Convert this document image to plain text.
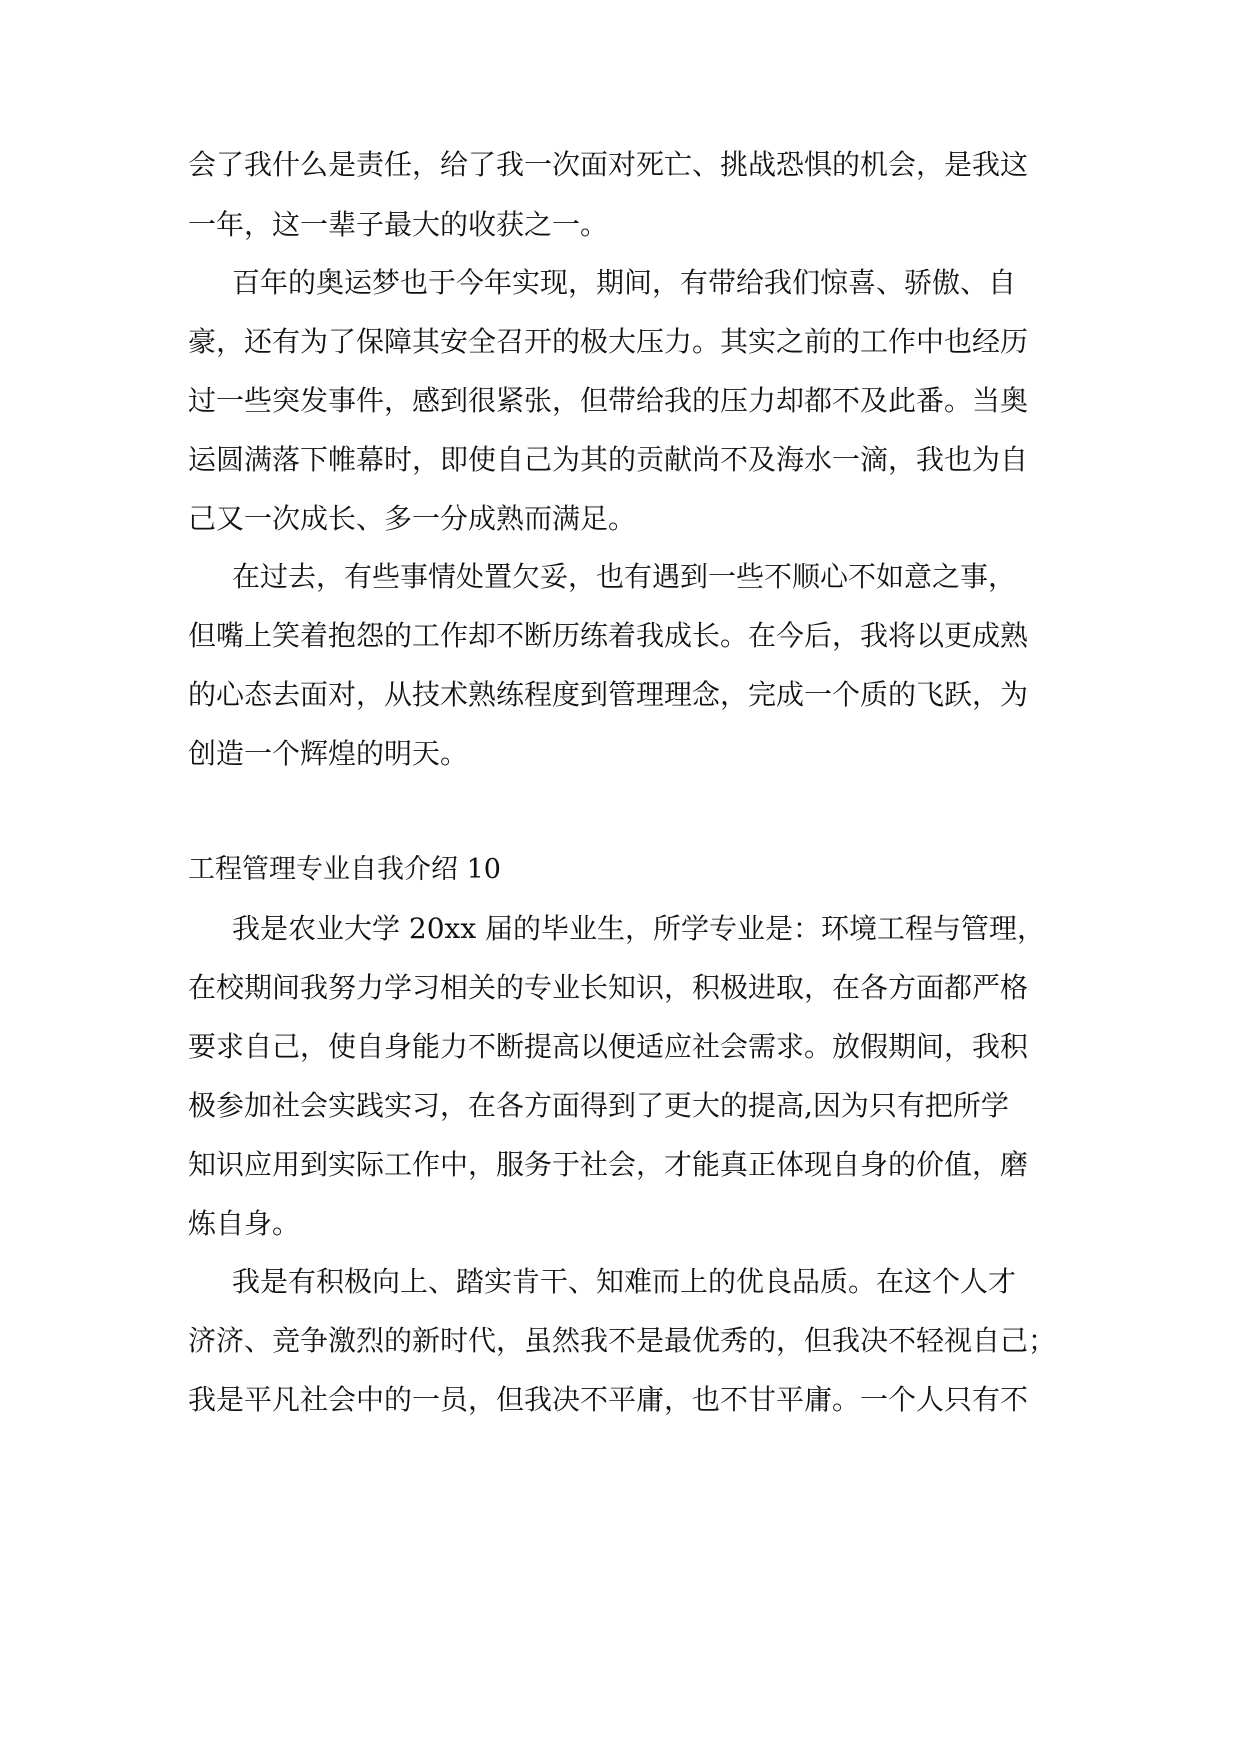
会了我什么是责任，给了我一次面对死亡、挑战恐惧的机会，是我这
一年，这一辈子最大的收获之一。
百年的奥运梦也于今年实现，期间，有带给我们惊喜、骄傲、自
豪，还有为了保障其安全召开的极大压力。其实之前的工作中也经历
过一些突发事件，感到很紧张，但带给我的压力却都不及此番。当奥
运圆满落下帷幕时，即使自己为其的贡献尚不及海水一滴，我也为自
己又一次成长、多一分成熟而满足。
在过去，有些事情处置欠妥，也有遇到一些不顺心不如意之事，
但嘴上笑着抱怨的工作却不断历练着我成长。在今后，我将以更成熟
的心态去面对，从技术熟练程度到管理理念，完成一个质的飞跃，为
创造一个辉煌的明天。
工程管理专业自我介绍 10
我是农业大学 20xx 届的毕业生，所学专业是：环境工程与管理，
在校期间我努力学习相关的专业长知识，积极进取，在各方面都严格
要求自己，使自身能力不断提高以便适应社会需求。放假期间，我积
极参加社会实践实习，在各方面得到了更大的提高,因为只有把所学
知识应用到实际工作中，服务于社会，才能真正体现自身的价值，磨
炼自身。
我是有积极向上、踏实肯干、知难而上的优良品质。在这个人才
济济、竞争激烈的新时代，虽然我不是最优秀的，但我决不轻视自己；
我是平凡社会中的一员，但我决不平庸，也不甘平庸。一个人只有不
